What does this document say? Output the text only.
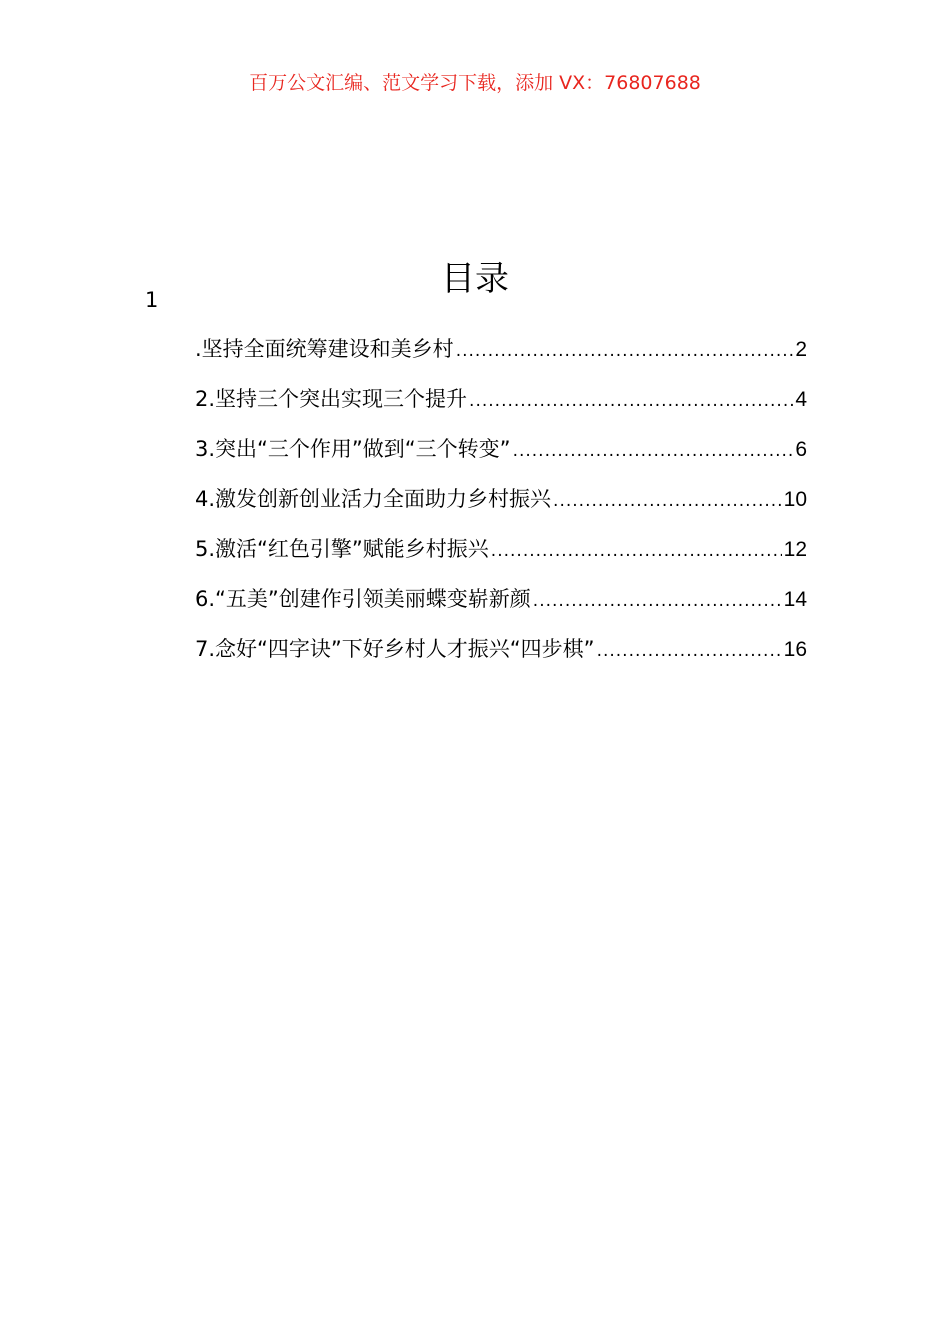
百万公文汇编、范文学习下载，添加 VX：76807688
目录
1
.坚持全面统筹建设和美乡村 .....	2
2.坚持三个突出实现三个提升 .....	4
3.突出“三个作用”做到“三个转变” .....	6
4.激发创新创业活力全面助力乡村振兴 .....	10
5.激活“红色引擎”赋能乡村振兴 .....	12
6.“五美”创建作引领美丽蝶变崭新颜 .....	14
7.念好“四字诀”下好乡村人才振兴“四步棋” .....	16
